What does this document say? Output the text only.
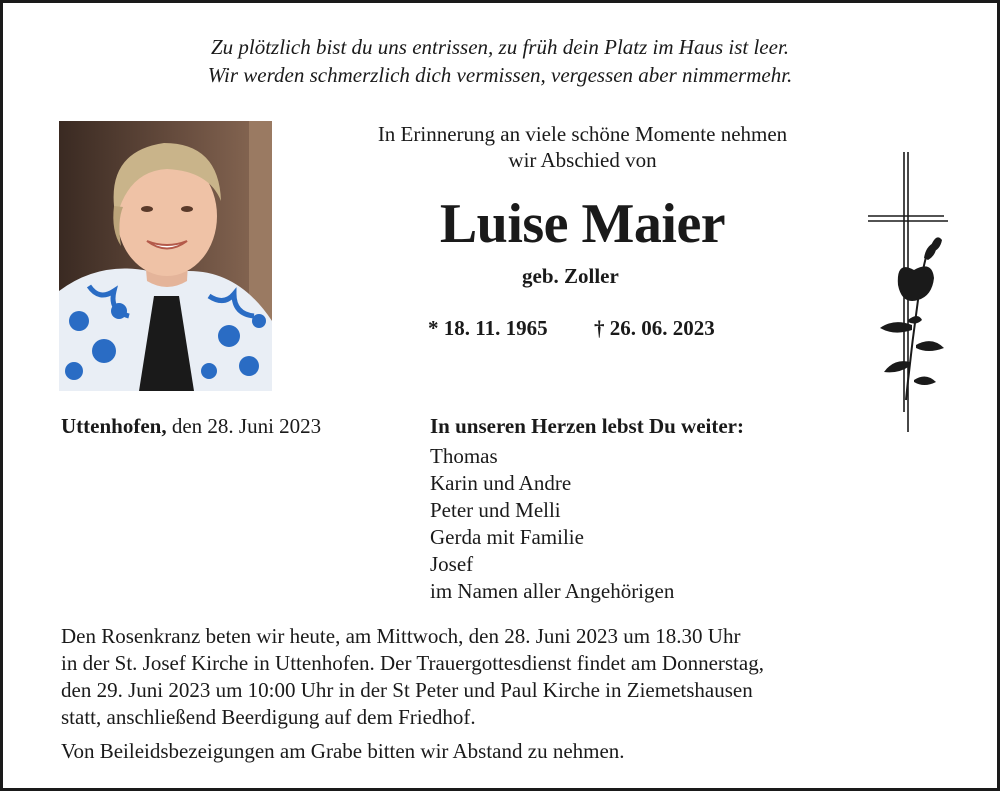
Zu plötzlich bist du uns entrissen, zu früh dein Platz im Haus ist leer.
Wir werden schmerzlich dich vermissen, vergessen aber nimmermehr.
In Erinnerung an viele schöne Momente nehmen
wir Abschied von
Luise Maier
geb. Zoller
* 18. 11. 1965 † 26. 06. 2023
Uttenhofen, den 28. Juni 2023	In unseren Herzen lebst Du weiter:
Thomas
Karin und Andre
Peter und Melli
Gerda mit Familie
Josef
im Namen aller Angehörigen
Den Rosenkranz beten wir heute, am Mittwoch, den 28. Juni 2023 um 18.30 Uhr
in der St. Josef Kirche in Uttenhofen. Der Trauergottesdienst findet am Donnerstag,
den 29. Juni 2023 um 10:00 Uhr in der St Peter und Paul Kirche in Ziemetshausen
statt, anschließend Beerdigung auf dem Friedhof.
Von Beileidsbezeigungen am Grabe bitten wir Abstand zu nehmen.
